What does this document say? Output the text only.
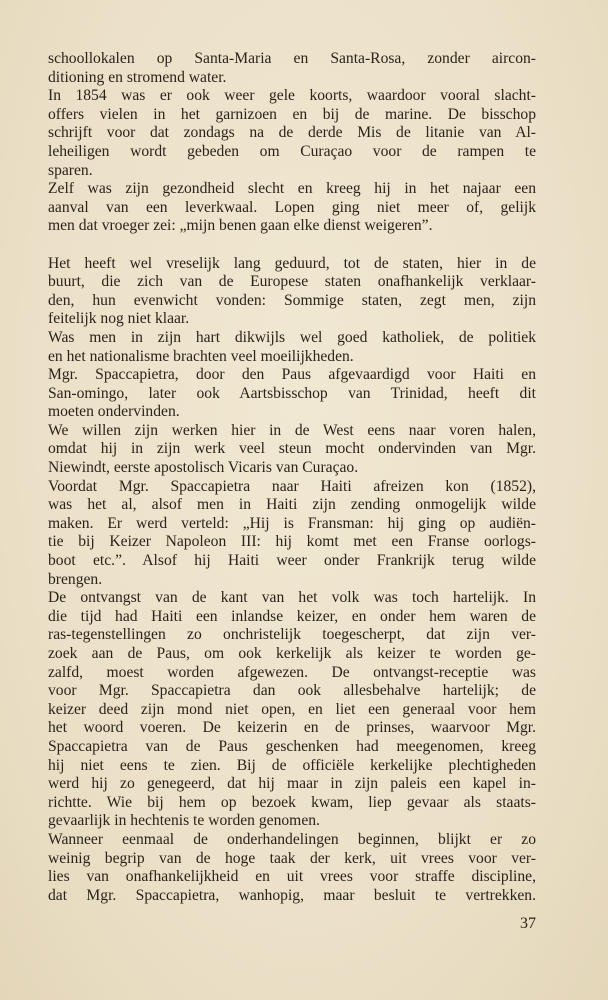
schoollokalen op Santa-Maria en Santa-Rosa, zonder aircon-
ditioning en stromend water.
In 1854 was er ook weer gele koorts, waardoor vooral slacht-
offers vielen in het garnizoen en bij de marine. De bisschop
schrijft voor dat zondags na de derde Mis de litanie van Al-
leheiligen wordt gebeden om Curaçao voor de rampen te
sparen.
Zelf was zijn gezondheid slecht en kreeg hij in het najaar een
aanval van een leverkwaal. Lopen ging niet meer of, gelijk
men dat vroeger zei: „mijn benen gaan elke dienst weigeren”.
Het heeft wel vreselijk lang geduurd, tot de staten, hier in de
buurt, die zich van de Europese staten onafhankelijk verklaar-
den, hun evenwicht vonden: Sommige staten, zegt men, zijn
feitelijk nog niet klaar.
Was men in zijn hart dikwijls wel goed katholiek, de politiek
en het nationalisme brachten veel moeilijkheden.
Mgr. Spaccapietra, door den Paus afgevaardigd voor Haiti en
San-omingo, later ook Aartsbisschop van Trinidad, heeft dit
moeten ondervinden.
We willen zijn werken hier in de West eens naar voren halen,
omdat hij in zijn werk veel steun mocht ondervinden van Mgr.
Niewindt, eerste apostolisch Vicaris van Curaçao.
Voordat Mgr. Spaccapietra naar Haiti afreizen kon (1852),
was het al, alsof men in Haiti zijn zending onmogelijk wilde
maken. Er werd verteld: „Hij is Fransman: hij ging op audiën-
tie bij Keizer Napoleon III: hij komt met een Franse oorlogs-
boot etc.”. Alsof hij Haiti weer onder Frankrijk terug wilde
brengen.
De ontvangst van de kant van het volk was toch hartelijk. In
die tijd had Haiti een inlandse keizer, en onder hem waren de
ras-tegenstellingen zo onchristelijk toegescherpt, dat zijn ver-
zoek aan de Paus, om ook kerkelijk als keizer te worden ge-
zalfd, moest worden afgewezen. De ontvangst-receptie was
voor Mgr. Spaccapietra dan ook allesbehalve hartelijk; de
keizer deed zijn mond niet open, en liet een generaal voor hem
het woord voeren. De keizerin en de prinses, waarvoor Mgr.
Spaccapietra van de Paus geschenken had meegenomen, kreeg
hij niet eens te zien. Bij de officiële kerkelijke plechtigheden
werd hij zo genegeerd, dat hij maar in zijn paleis een kapel in-
richtte. Wie bij hem op bezoek kwam, liep gevaar als staats-
gevaarlijk in hechtenis te worden genomen.
Wanneer eenmaal de onderhandelingen beginnen, blijkt er zo
weinig begrip van de hoge taak der kerk, uit vrees voor ver-
lies van onafhankelijkheid en uit vrees voor straffe discipline,
dat Mgr. Spaccapietra, wanhopig, maar besluit te vertrekken.
37
